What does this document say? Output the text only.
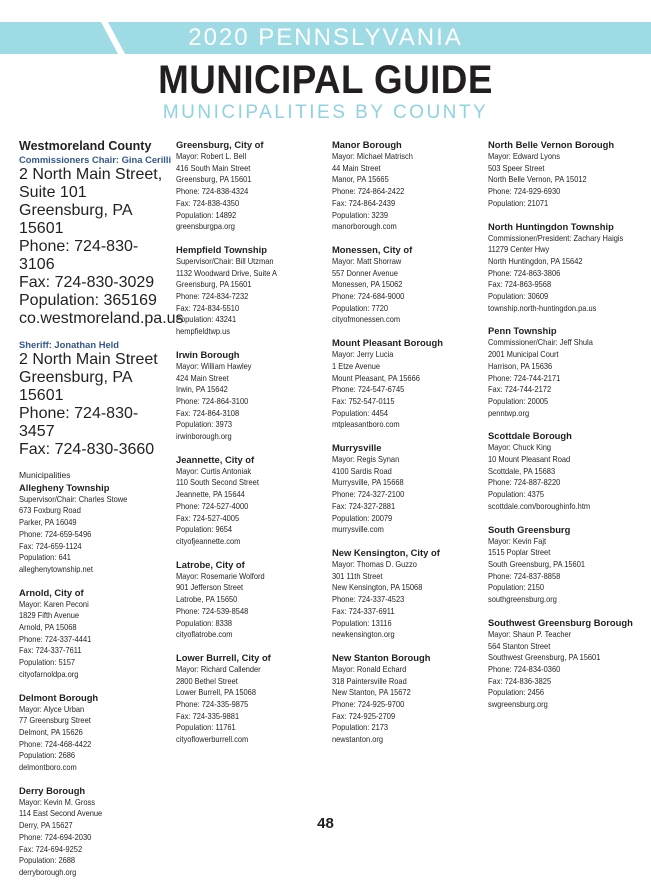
2020 PENNSLYVANIA
MUNICIPAL GUIDE
MUNICIPALITIES BY COUNTY
Westmoreland County
Commissioners Chair: Gina Cerilli
2 North Main Street, Suite 101
Greensburg, PA 15601
Phone: 724-830-3106
Fax: 724-830-3029
Population: 365169
co.westmoreland.pa.us
Sheriff: Jonathan Held
2 North Main Street
Greensburg, PA 15601
Phone: 724-830-3457
Fax: 724-830-3660
Municipalities
Allegheny Township
Supervisor/Chair: Charles Stowe
673 Foxburg Road
Parker, PA 16049
Phone: 724-659-5496
Fax: 724-659-1124
Population: 641
alleghenytownship.net
Arnold, City of
Mayor: Karen Peconi
1829 Fifth Avenue
Arnold, PA 15068
Phone: 724-337-4441
Fax: 724-337-7611
Population: 5157
cityofarnoldpa.org
Delmont Borough
Mayor: Alyce Urban
77 Greensburg Street
Delmont, PA 15626
Phone: 724-468-4422
Population: 2686
delmontboro.com
Derry Borough
Mayor: Kevin M. Gross
114 East Second Avenue
Derry, PA 15627
Phone: 724-694-2030
Fax: 724-694-9252
Population: 2688
derryborough.org
Greensburg, City of
Mayor: Robert L. Bell
416 South Main Street
Greensburg, PA 15601
Phone: 724-838-4324
Fax: 724-838-4350
Population: 14892
greensburgpa.org
Hempfield Township
Supervisor/Chair: Bill Utzman
1132 Woodward Drive, Suite A
Greensburg, PA 15601
Phone: 724-834-7232
Fax: 724-834-5510
Population: 43241
hempfieldtwp.us
Irwin Borough
Mayor: William Hawley
424 Main Street
Irwin, PA 15642
Phone: 724-864-3100
Fax: 724-864-3108
Population: 3973
irwinborough.org
Jeannette, City of
Mayor: Curtis Antoniak
110 South Second Street
Jeannette, PA 15644
Phone: 724-527-4000
Fax: 724-527-4005
Population: 9654
cityofjeannette.com
Latrobe, City of
Mayor: Rosemarie Wolford
901 Jefferson Street
Latrobe, PA 15650
Phone: 724-539-8548
Population: 8338
cityoflatrobe.com
Lower Burrell, City of
Mayor: Richard Callender
2800 Bethel Street
Lower Burrell, PA 15068
Phone: 724-335-9875
Fax: 724-335-9881
Population: 11761
cityoflowerburrell.com
Manor Borough
Mayor: Michael Matrisch
44 Main Street
Manor, PA 15665
Phone: 724-864-2422
Fax: 724-864-2439
Population: 3239
manorborough.com
Monessen, City of
Mayor: Matt Shorraw
557 Donner Avenue
Monessen, PA 15062
Phone: 724-684-9000
Population: 7720
cityofmonessen.com
Mount Pleasant Borough
Mayor: Jerry Lucia
1 Etze Avenue
Mount Pleasant, PA 15666
Phone: 724-547-6745
Fax: 752-547-0115
Population: 4454
mtpleasantboro.com
Murrysville
Mayor: Regis Synan
4100 Sardis Road
Murrysville, PA 15668
Phone: 724-327-2100
Fax: 724-327-2881
Population: 20079
murrysville.com
New Kensington, City of
Mayor: Thomas D. Guzzo
301 11th Street
New Kensington, PA 15068
Phone: 724-337-4523
Fax: 724-337-6911
Population: 13116
newkensington.org
New Stanton Borough
Mayor: Ronald Echard
318 Paintersville Road
New Stanton, PA 15672
Phone: 724-925-9700
Fax: 724-925-2709
Population: 2173
newstanton.org
North Belle Vernon Borough
Mayor: Edward Lyons
503 Speer Street
North Belle Vernon, PA 15012
Phone: 724-929-6930
Population: 21071
North Huntingdon Township
Commissioner/President: Zachary Haigis
11279 Center Hwy
North Huntingdon, PA 15642
Phone: 724-863-3806
Fax: 724-863-9568
Population: 30609
township.north-huntingdon.pa.us
Penn Township
Commissioner/Chair: Jeff Shula
2001 Municipal Court
Harrison, PA 15636
Phone: 724-744-2171
Fax: 724-744-2172
Population: 20005
penntwp.org
Scottdale Borough
Mayor: Chuck King
10 Mount Pleasant Road
Scottdale, PA 15683
Phone: 724-887-8220
Population: 4375
scottdale.com/boroughinfo.htm
South Greensburg
Mayor: Kevin Fajt
1515 Poplar Street
South Greensburg, PA 15601
Phone: 724-837-8858
Population: 2150
southgreensburg.org
Southwest Greensburg Borough
Mayor: Shaun P. Teacher
564 Stanton Street
Southwest Greensburg, PA 15601
Phone: 724-834-0360
Fax: 724-836-3825
Population: 2456
swgreensburg.org
48
